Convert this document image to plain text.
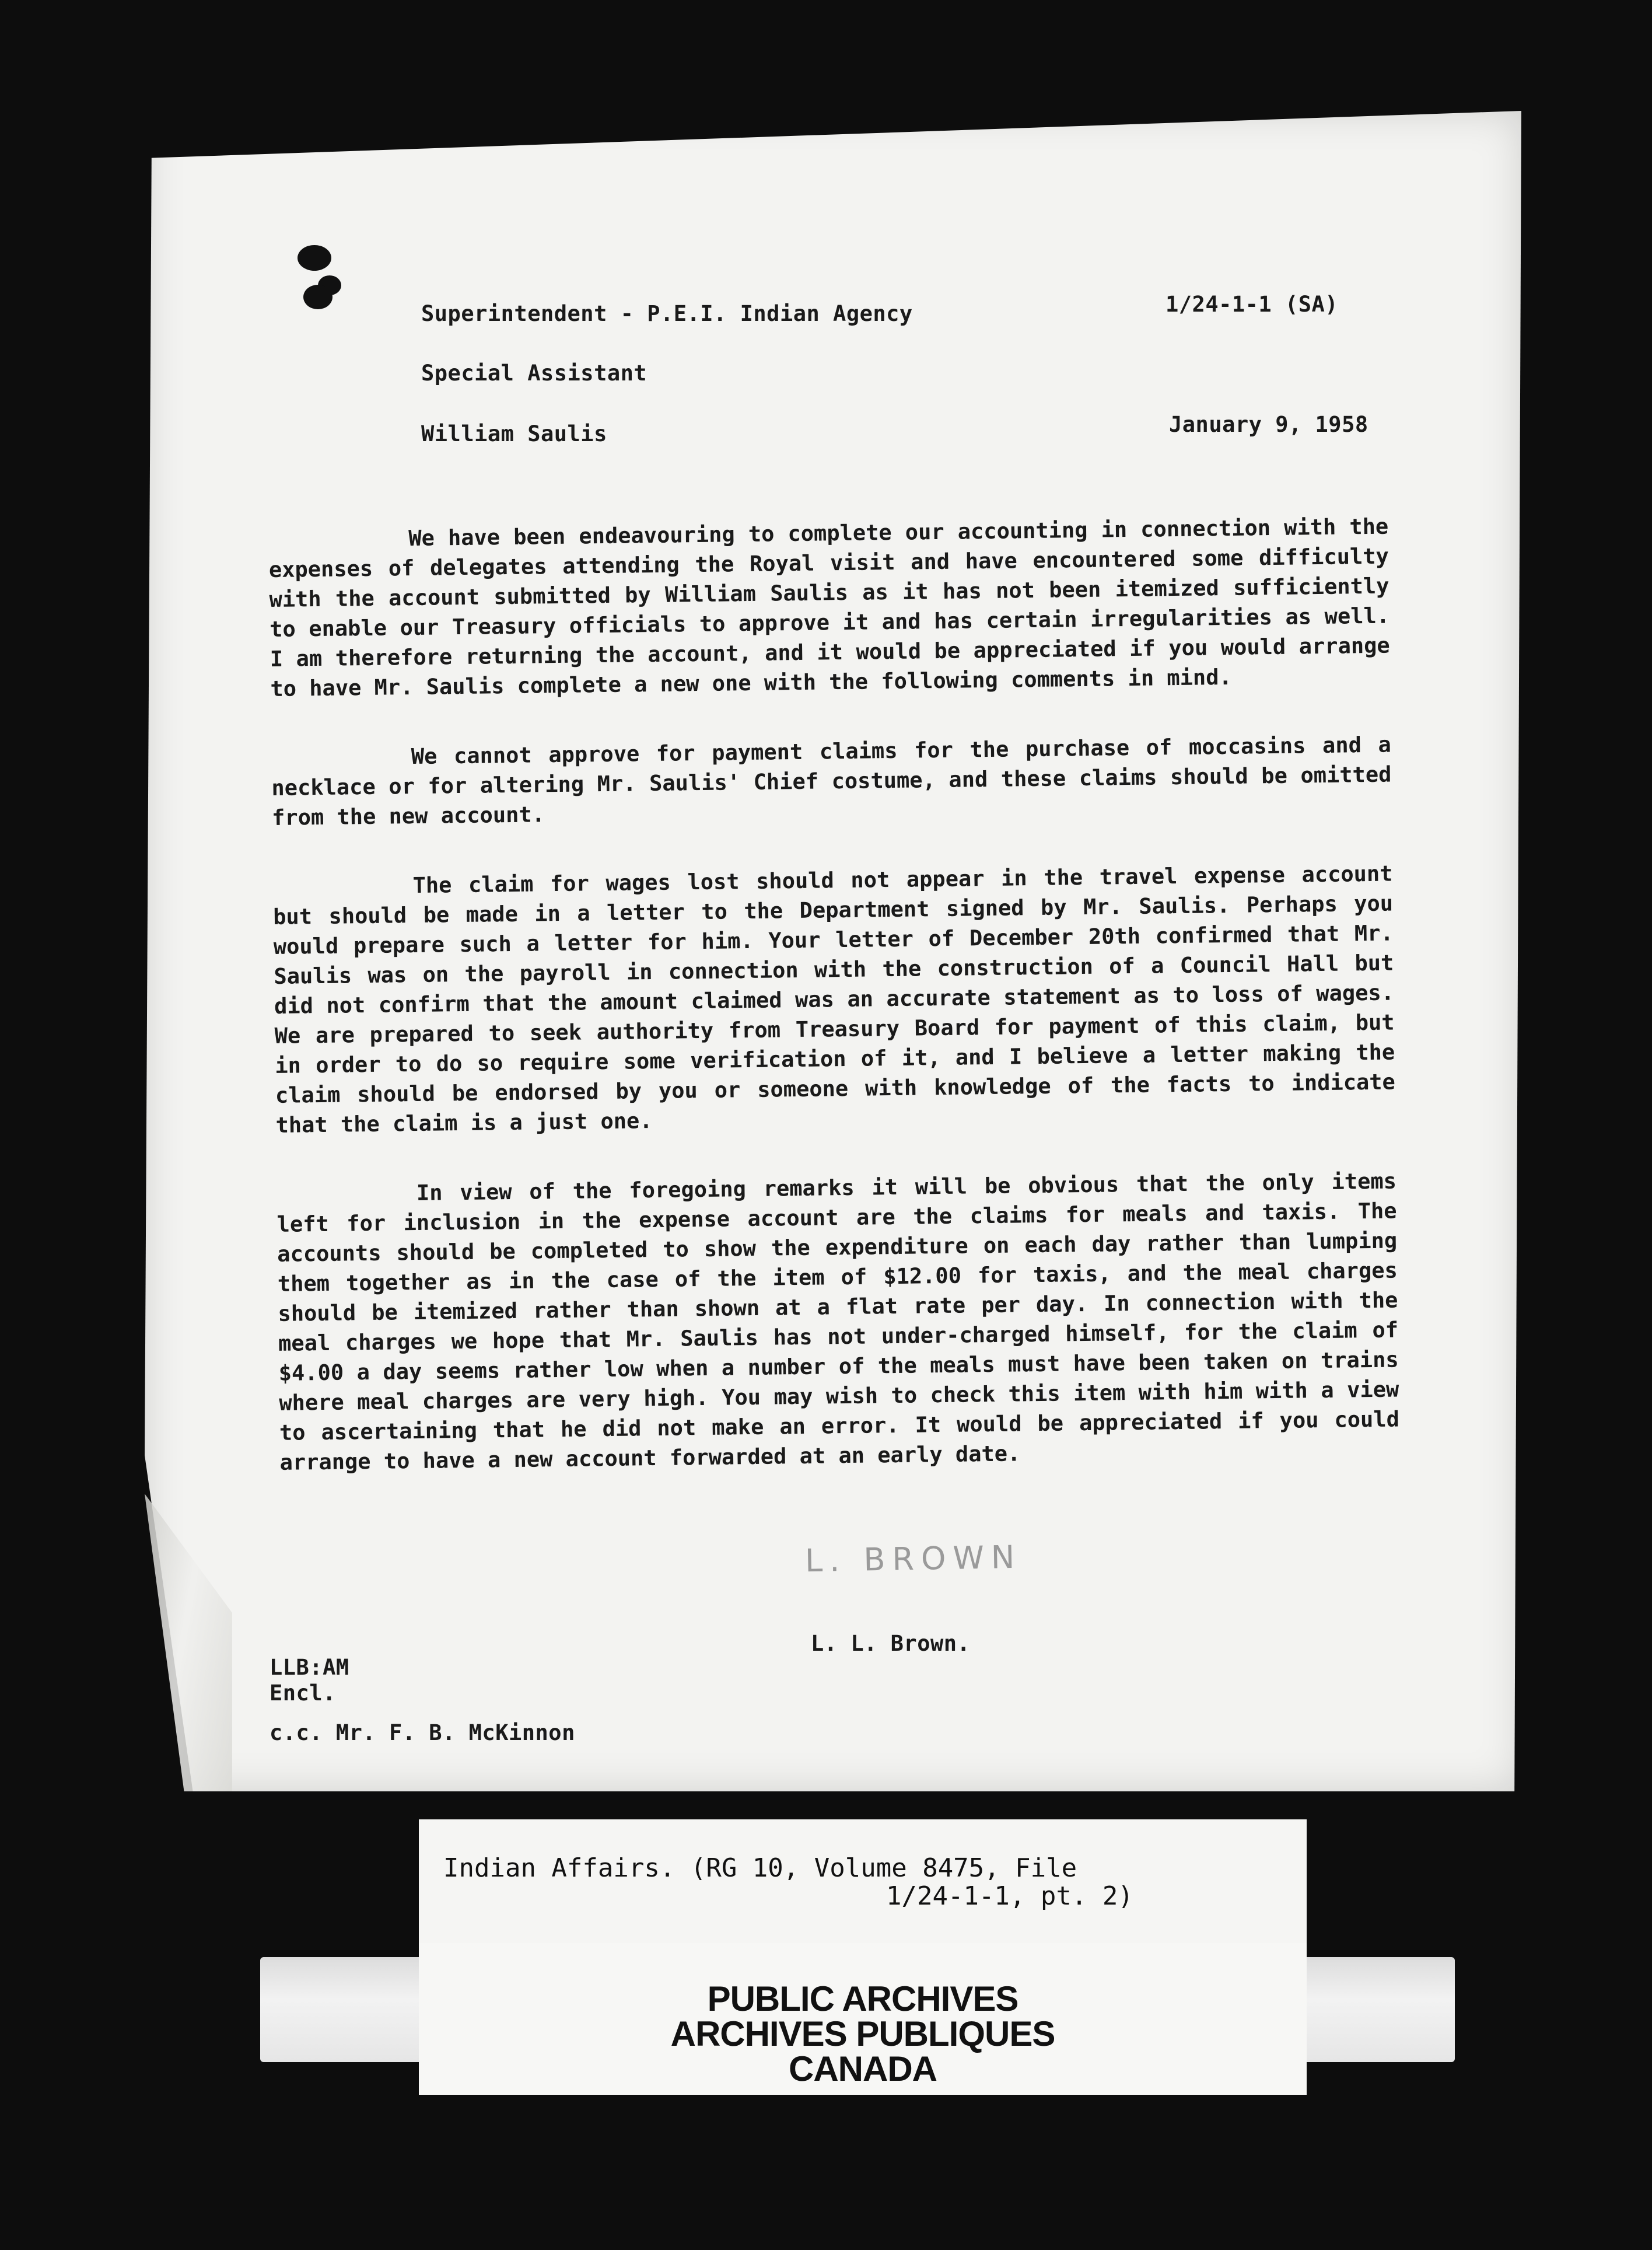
Superintendent - P.E.I. Indian Agency	1/24-1-1 (SA)
Special Assistant
William Saulis	January 9, 1958

We have been endeavouring to complete our accounting in connection with the expenses of delegates attending the Royal visit and have encountered some difficulty with the account submitted by William Saulis as it has not been itemized sufficiently to enable our Treasury officials to approve it and has certain irregularities as well. I am therefore returning the account, and it would be appreciated if you would arrange to have Mr. Saulis complete a new one with the following comments in mind.

We cannot approve for payment claims for the purchase of moccasins and a necklace or for altering Mr. Saulis' Chief costume, and these claims should be omitted from the new account.

The claim for wages lost should not appear in the travel expense account but should be made in a letter to the Department signed by Mr. Saulis. Perhaps you would prepare such a letter for him. Your letter of December 20th confirmed that Mr. Saulis was on the payroll in connection with the construction of a Council Hall but did not confirm that the amount claimed was an accurate statement as to loss of wages. We are prepared to seek authority from Treasury Board for payment of this claim, but in order to do so require some verification of it, and I believe a letter making the claim should be endorsed by you or someone with knowledge of the facts to indicate that the claim is a just one.

In view of the foregoing remarks it will be obvious that the only items left for inclusion in the expense account are the claims for meals and taxis. The accounts should be completed to show the expenditure on each day rather than lumping them together as in the case of the item of $12.00 for taxis, and the meal charges should be itemized rather than shown at a flat rate per day. In connection with the meal charges we hope that Mr. Saulis has not under-charged himself, for the claim of $4.00 a day seems rather low when a number of the meals must have been taken on trains where meal charges are very high. You may wish to check this item with him with a view to ascertaining that he did not make an error. It would be appreciated if you could arrange to have a new account forwarded at an early date.

L. BROWN
L. L. Brown.
LLB:AM
Encl.
c.c. Mr. F. B. McKinnon
Indian Affairs. (RG 10, Volume 8475, File
1/24-1-1, pt. 2)
PUBLIC ARCHIVES
ARCHIVES PUBLIQUES
CANADA
